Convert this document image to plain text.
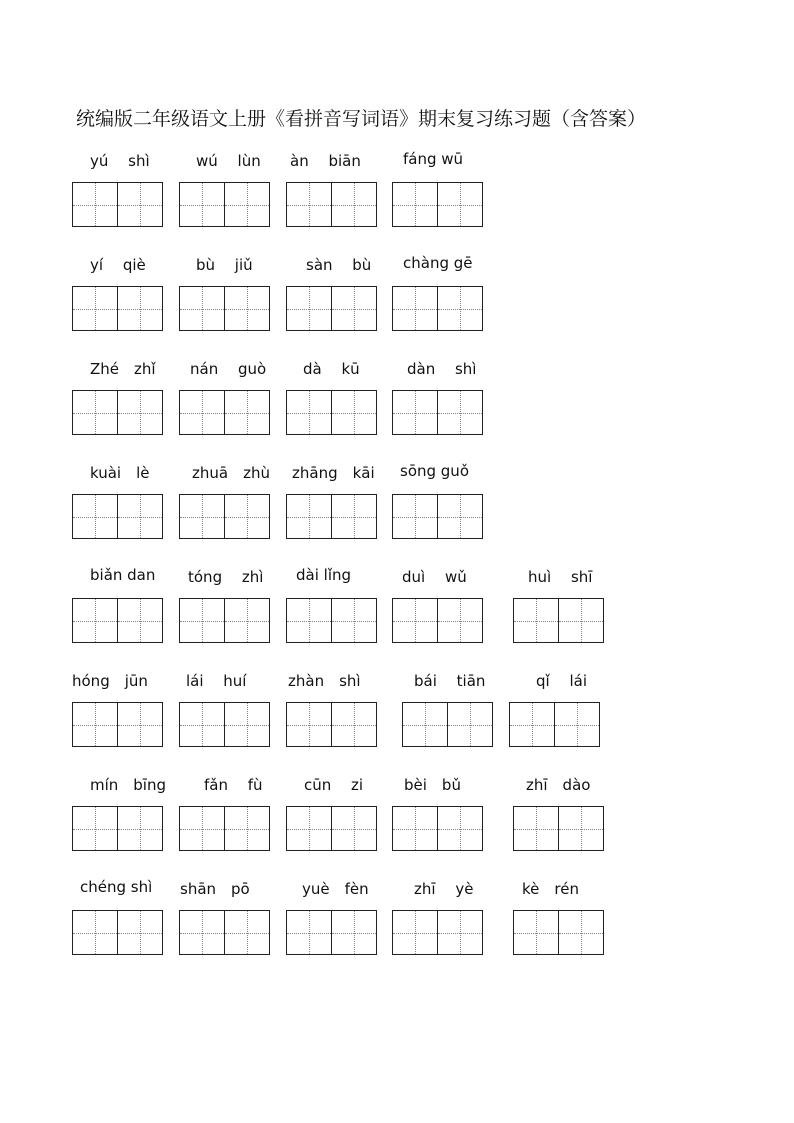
统编版二年级语文上册《看拼音写词语》期末复习练习题（含答案）
yú　 shì	wú　 lùn àn　 biān	fáng wū
yí　 qiè	bù　 jiǔ	sàn　 bù chàng gē
Zhé　zhǐ nán　 guò dà　 kū	dàn　 shì
kuài　lè	zhuā　zhù zhāng　kāi sōng guǒ
biǎn dan tóng　 zhì dài lǐng	duì　 wǔ	huì　 shī
hóng　jūn	lái　 huí	zhàn　shì	bái　 tiān	qǐ　 lái
mín　bīng	fǎn　 fù	cūn　 zi	bèi　bǔ	zhī　dào
chéng shì shān　pō	yuè　fèn	zhī　 yè	kè　rén
